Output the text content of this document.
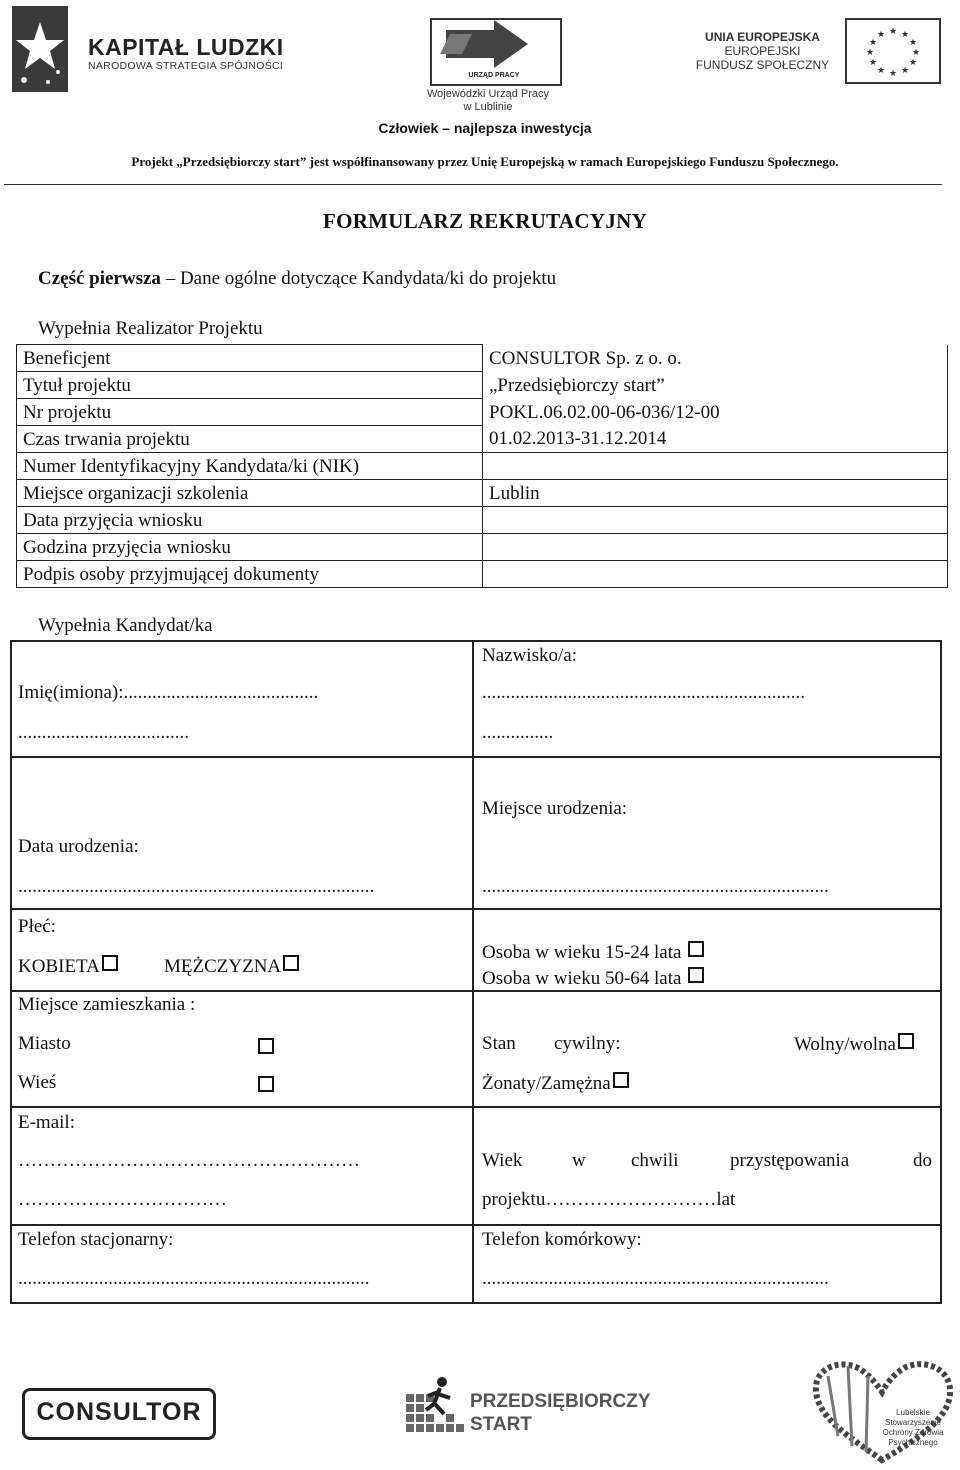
KAPITAŁ LUDZKI
NARODOWA STRATEGIA SPÓJNOŚCI
URZĄD PRACY
Wojewódzki Urząd Pracy
w Lublinie
UNIA EUROPEJSKA
EUROPEJSKI
FUNDUSZ SPOŁECZNY
★ ★
★
★
★
★
★
★
★
★
★
★
Człowiek – najlepsza inwestycja
Projekt „Przedsiębiorczy start” jest współfinansowany przez Unię Europejską w ramach Europejskiego Funduszu Społecznego.
FORMULARZ REKRUTACYJNY
Część pierwsza – Dane ogólne dotyczące Kandydata/ki do projektu
Wypełnia Realizator Projektu
Beneficjent	CONSULTOR Sp. z o. o.
Tytuł projektu	„Przedsiębiorczy start”
Nr projektu	POKL.06.02.00-06-036/12-00
Czas trwania projektu	01.02.2013-31.12.2014
Numer Identyfikacyjny Kandydata/ki (NIK)	
Miejsce organizacji szkolenia	Lublin
Data przyjęcia wniosku	
Godzina przyjęcia wniosku	
Podpis osoby przyjmującej dokumenty	
Wypełnia Kandydat/ka
Imię(imiona):.........................................
....................................
Nazwisko/a:
....................................................................
...............
Data urodzenia:
...........................................................................
Miejsce urodzenia:
.........................................................................
Płeć:
KOBIETA	MĘŻCZYZNA
Osoba w wieku 15-24 lata
Osoba w wieku 50-64 lata
Miejsce zamieszkania :
Miasto
Wieś
Stan cywilny:	Wolny/wolna
Żonaty/Zamężna
E-mail:
………………………………………………
……………………………
Wiek	w chwili	przystępowania	do
projektu………………………lat
Telefon stacjonarny:
..........................................................................
Telefon komórkowy:
.........................................................................
CONSULTOR	PRZEDSIĘBIORCZY
START
Lubelskie Stowarzyszenie
Ochrony Zdrowia Psychicznego
